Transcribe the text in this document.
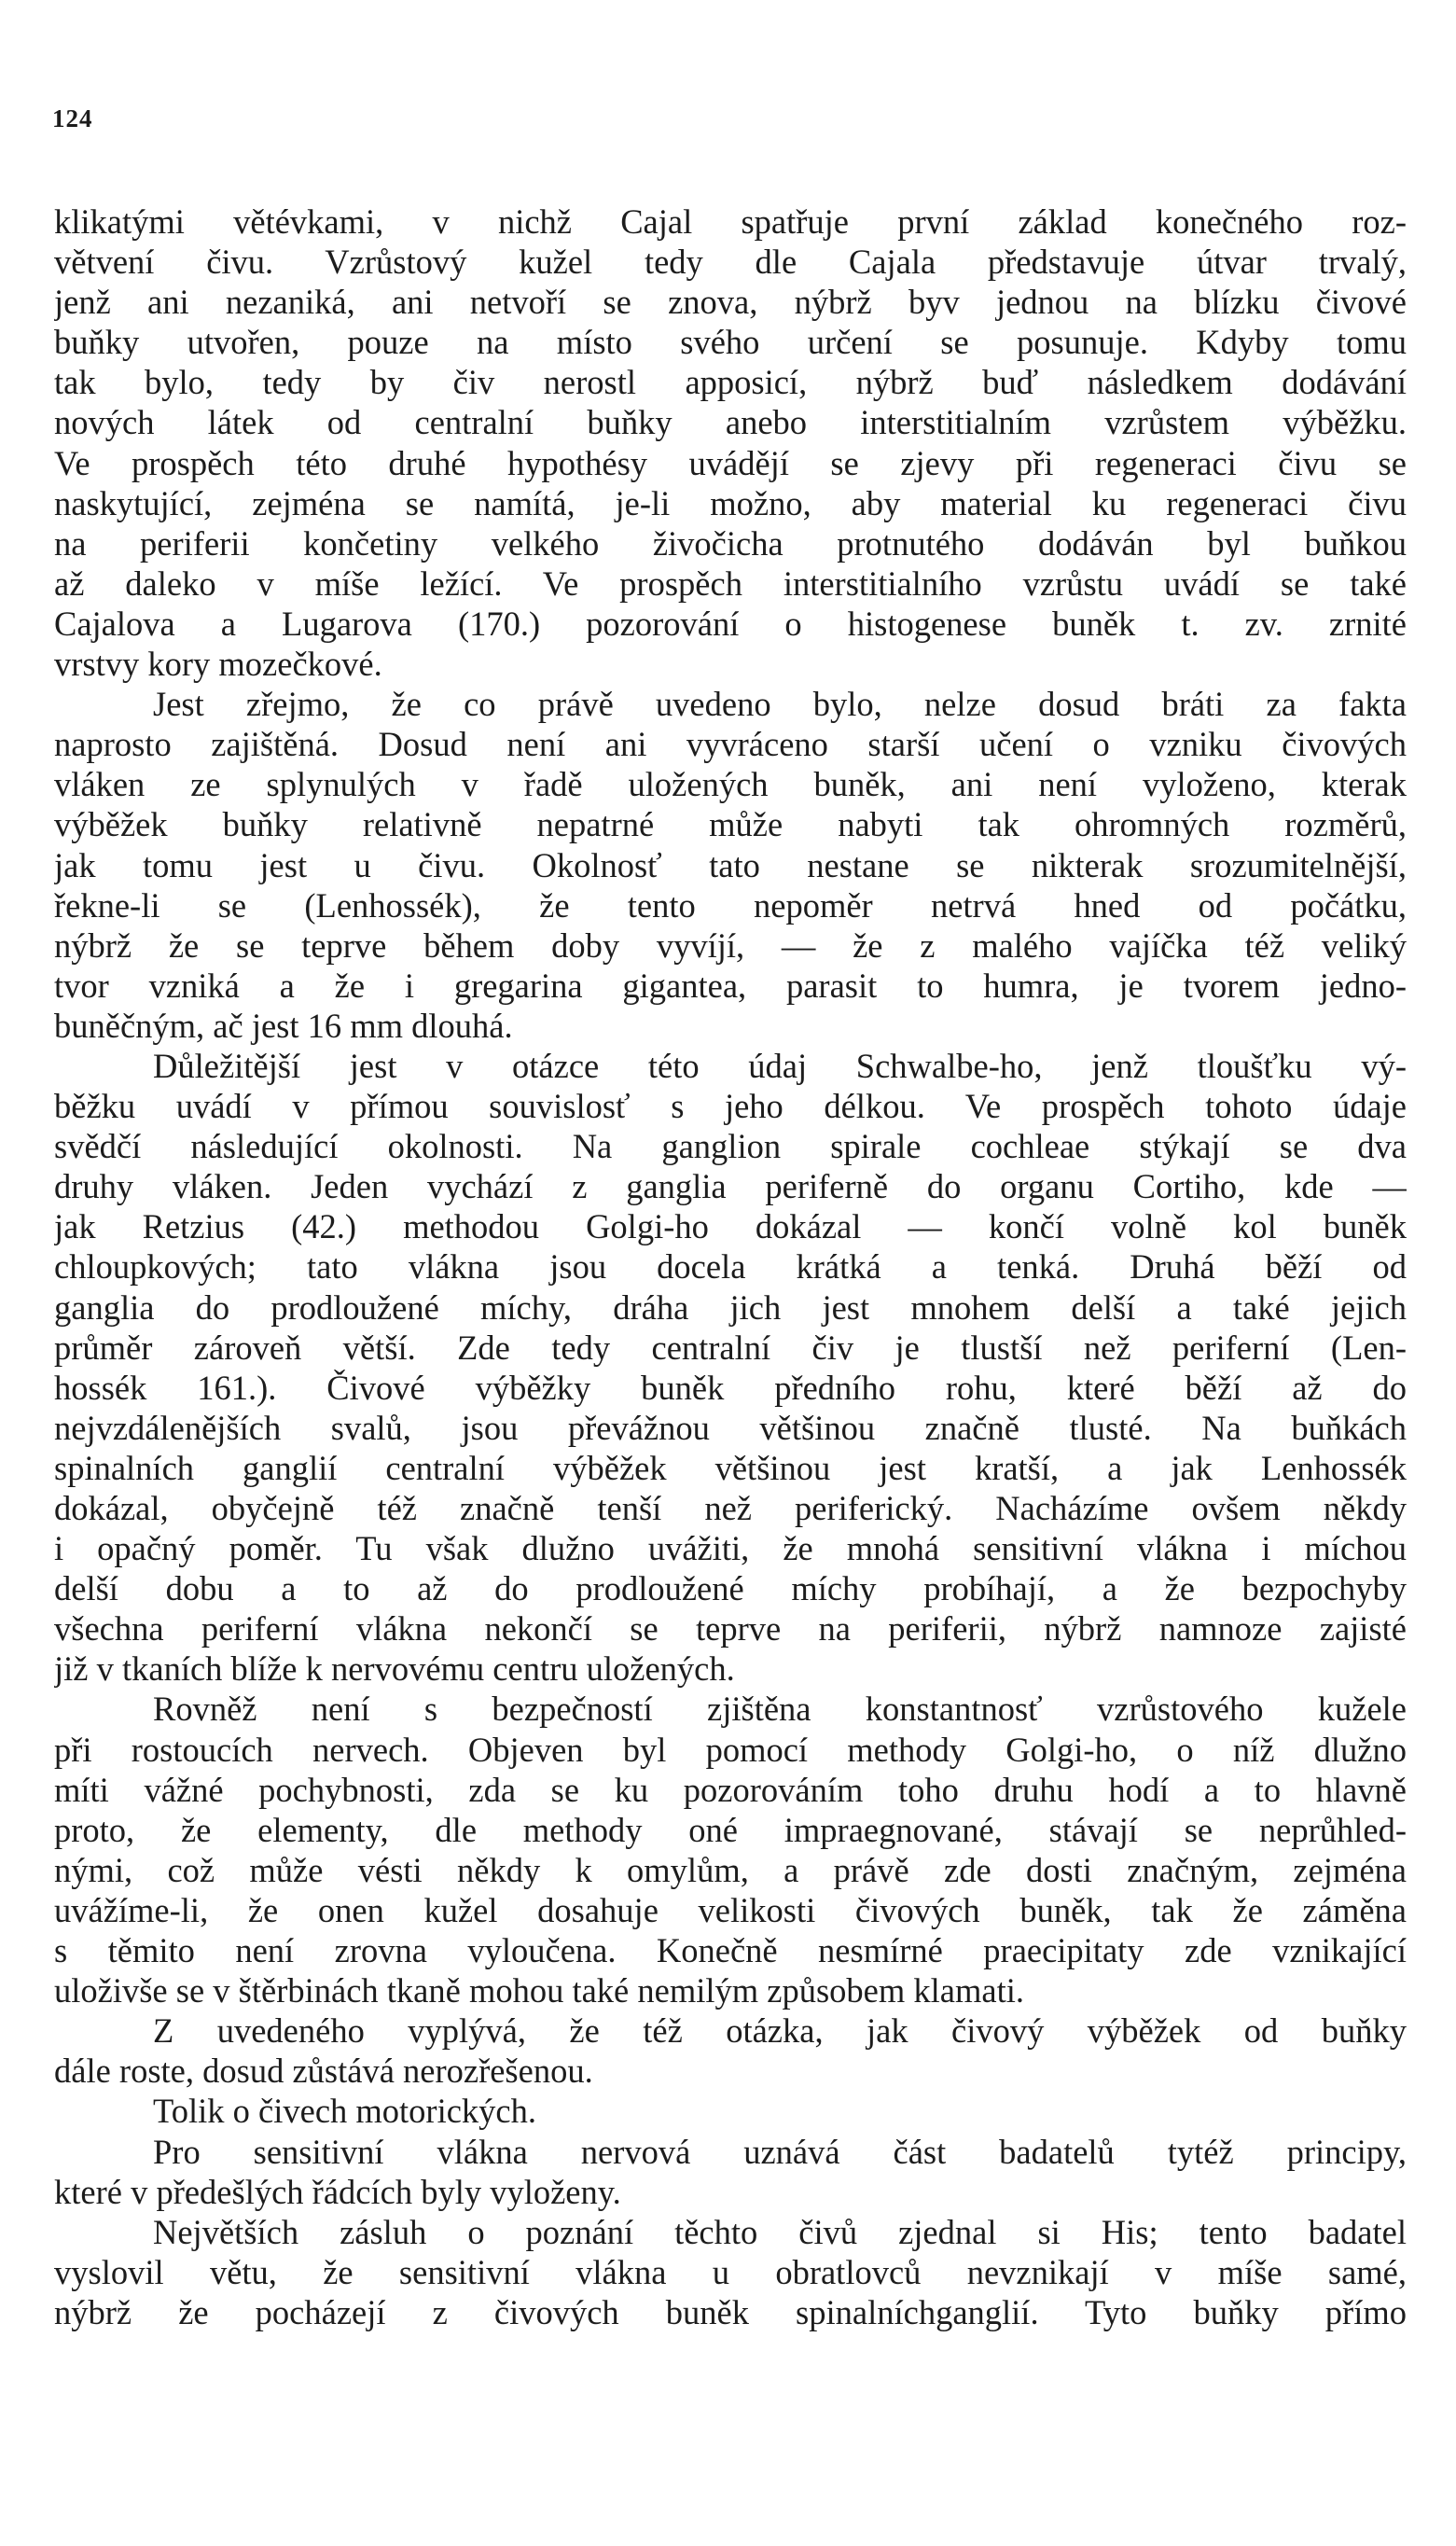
124

klikatými větévkami, v nichž Cajal spatřuje první základ konečného roz-

větvení čivu. Vzrůstový kužel tedy dle Cajala představuje útvar trvalý,

jenž ani nezaniká, ani netvoří se znova, nýbrž byv jednou na blízku čivové

buňky utvořen, pouze na místo svého určení se posunuje. Kdyby tomu

tak bylo, tedy by čiv nerostl apposicí, nýbrž buď následkem dodávání

nových látek od centralní buňky anebo interstitialním vzrůstem výběžku.

Ve prospěch této druhé hypothésy uvádějí se zjevy při regeneraci čivu se

naskytující, zejména se namítá, je-li možno, aby material ku regeneraci čivu

na periferii končetiny velkého živočicha protnutého dodáván byl buňkou

až daleko v míše ležící. Ve prospěch interstitialního vzrůstu uvádí se také

Cajalova a Lugarova (170.) pozorování o histogenese buněk t. zv. zrnité

vrstvy kory mozečkové.

Jest zřejmo, že co právě uvedeno bylo, nelze dosud bráti za fakta

naprosto zajištěná. Dosud není ani vyvráceno starší učení o vzniku čivových

vláken ze splynulých v řadě uložených buněk, ani není vyloženo, kterak

výběžek buňky relativně nepatrné může nabyti tak ohromných rozměrů,

jak tomu jest u čivu. Okolnosť tato nestane se nikterak srozumitelnější,

řekne-li se (Lenhossék), že tento nepoměr netrvá hned od počátku,

nýbrž že se teprve během doby vyvíjí, — že z malého vajíčka též veliký

tvor vzniká a že i gregarina gigantea, parasit to humra, je tvorem jedno-

buněčným, ač jest 16 mm dlouhá.

Důležitější jest v otázce této údaj Schwalbe-ho, jenž tloušťku vý-

běžku uvádí v přímou souvislosť s jeho délkou. Ve prospěch tohoto údaje

svědčí následující okolnosti. Na ganglion spirale cochleae stýkají se dva

druhy vláken. Jeden vychází z ganglia periferně do organu Cortiho, kde —

jak Retzius (42.) methodou Golgi-ho dokázal — končí volně kol buněk

chloupkových; tato vlákna jsou docela krátká a tenká. Druhá běží od

ganglia do prodloužené míchy, dráha jich jest mnohem delší a také jejich

průměr zároveň větší. Zde tedy centralní čiv je tlustší než periferní (Len-

hossék 161.). Čivové výběžky buněk předního rohu, které běží až do

nejvzdálenějších svalů, jsou převážnou většinou značně tlusté. Na buňkách

spinalních ganglií centralní výběžek většinou jest kratší, a jak Lenhossék

dokázal, obyčejně též značně tenší než periferický. Nacházíme ovšem někdy

i opačný poměr. Tu však dlužno uvážiti, že mnohá sensitivní vlákna i míchou

delší dobu a to až do prodloužené míchy probíhají, a že bezpochyby

všechna periferní vlákna nekončí se teprve na periferii, nýbrž namnoze zajisté

již v tkaních blíže k nervovému centru uložených.

Rovněž není s bezpečností zjištěna konstantnosť vzrůstového kužele

při rostoucích nervech. Objeven byl pomocí methody Golgi-ho, o níž dlužno

míti vážné pochybnosti, zda se ku pozorováním toho druhu hodí a to hlavně

proto, že elementy, dle methody oné impraegnované, stávají se neprůhled-

nými, což může vésti někdy k omylům, a právě zde dosti značným, zejména

uvážíme-li, že onen kužel dosahuje velikosti čivových buněk, tak že záměna

s těmito není zrovna vyloučena. Konečně nesmírné praecipitaty zde vznikající

uloživše se v štěrbinách tkaně mohou také nemilým způsobem klamati.

Z uvedeného vyplývá, že též otázka, jak čivový výběžek od buňky

dále roste, dosud zůstává nerozřešenou.

Tolik o čivech motorických.

Pro sensitivní vlákna nervová uznává část badatelů tytéž principy,

které v předešlých řádcích byly vyloženy.

Největších zásluh o poznání těchto čivů zjednal si His; tento badatel

vyslovil větu, že sensitivní vlákna u obratlovců nevznikají v míše samé,

nýbrž že pocházejí z čivových buněk spinalníchganglií. Tyto buňky přímo
